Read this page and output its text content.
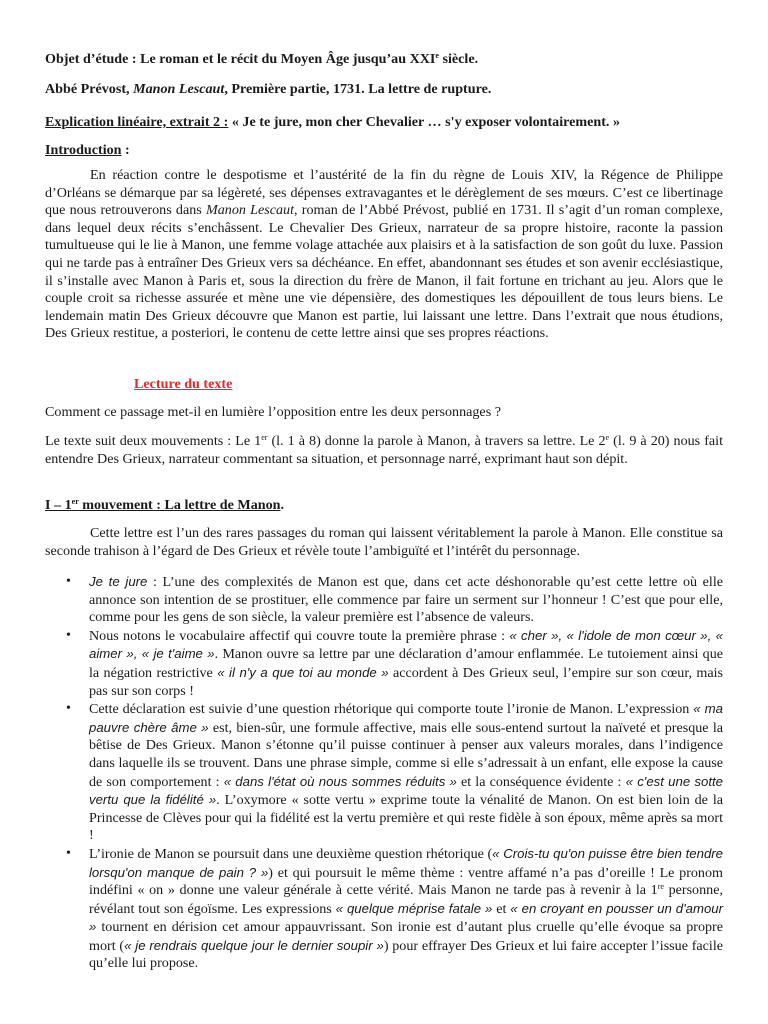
Objet d’étude : Le roman et le récit du Moyen Âge jusqu’au XXIe siècle.

Abbé Prévost, Manon Lescaut, Première partie, 1731. La lettre de rupture.

Explication linéaire, extrait 2 : « Je te jure, mon cher Chevalier … s'y exposer volontairement. »

Introduction :

En réaction contre le despotisme et l’austérité de la fin du règne de Louis XIV, la Régence de Philippe d’Orléans se démarque par sa légèreté, ses dépenses extravagantes et le dérèglement de ses mœurs. C’est ce libertinage que nous retrouverons dans Manon Lescaut, roman de l’Abbé Prévost, publié en 1731. Il s’agit d’un roman complexe, dans lequel deux récits s’enchâssent. Le Chevalier Des Grieux, narrateur de sa propre histoire, raconte la passion tumultueuse qui le lie à Manon, une femme volage attachée aux plaisirs et à la satisfaction de son goût du luxe. Passion qui ne tarde pas à entraîner Des Grieux vers sa déchéance. En effet, abandonnant ses études et son avenir ecclésiastique, il s’installe avec Manon à Paris et, sous la direction du frère de Manon, il fait fortune en trichant au jeu. Alors que le couple croit sa richesse assurée et mène une vie dépensière, des domestiques les dépouillent de tous leurs biens. Le lendemain matin Des Grieux découvre que Manon est partie, lui laissant une lettre. Dans l’extrait que nous étudions, Des Grieux restitue, a posteriori, le contenu de cette lettre ainsi que ses propres réactions.

Lecture du texte

Comment ce passage met-il en lumière l’opposition entre les deux personnages ?

Le texte suit deux mouvements : Le 1er (l. 1 à 8) donne la parole à Manon, à travers sa lettre. Le 2e (l. 9 à 20) nous fait entendre Des Grieux, narrateur commentant sa situation, et personnage narré, exprimant haut son dépit.

I – 1er mouvement : La lettre de Manon.

Cette lettre est l’un des rares passages du roman qui laissent véritablement la parole à Manon. Elle constitue sa seconde trahison à l’égard de Des Grieux et révèle toute l’ambiguïté et l’intérêt du personnage.

• Je te jure : L’une des complexités de Manon est que, dans cet acte déshonorable qu’est cette lettre où elle annonce son intention de se prostituer, elle commence par faire un serment sur l’honneur ! C’est que pour elle, comme pour les gens de son siècle, la valeur première est l’absence de valeurs.
• Nous notons le vocabulaire affectif qui couvre toute la première phrase : « cher », « l'idole de mon cœur », « aimer », « je t'aime ». Manon ouvre sa lettre par une déclaration d’amour enflammée. Le tutoiement ainsi que la négation restrictive « il n'y a que toi au monde » accordent à Des Grieux seul, l’empire sur son cœur, mais pas sur son corps !
• Cette déclaration est suivie d’une question rhétorique qui comporte toute l’ironie de Manon. L’expression « ma pauvre chère âme » est, bien-sûr, une formule affective, mais elle sous-entend surtout la naïveté et presque la bêtise de Des Grieux. Manon s’étonne qu’il puisse continuer à penser aux valeurs morales, dans l’indigence dans laquelle ils se trouvent. Dans une phrase simple, comme si elle s’adressait à un enfant, elle expose la cause de son comportement : « dans l'état où nous sommes réduits » et la conséquence évidente : « c'est une sotte vertu que la fidélité ». L’oxymore « sotte vertu » exprime toute la vénalité de Manon. On est bien loin de la Princesse de Clèves pour qui la fidélité est la vertu première et qui reste fidèle à son époux, même après sa mort !
• L’ironie de Manon se poursuit dans une deuxième question rhétorique (« Crois-tu qu'on puisse être bien tendre lorsqu'on manque de pain ? ») et qui poursuit le même thème : ventre affamé n’a pas d’oreille ! Le pronom indéfini « on » donne une valeur générale à cette vérité. Mais Manon ne tarde pas à revenir à la 1re personne, révélant tout son égoïsme. Les expressions « quelque méprise fatale » et « en croyant en pousser un d'amour » tournent en dérision cet amour appauvrissant. Son ironie est d’autant plus cruelle qu’elle évoque sa propre mort (« je rendrais quelque jour le dernier soupir ») pour effrayer Des Grieux et lui faire accepter l’issue facile qu’elle lui propose.
